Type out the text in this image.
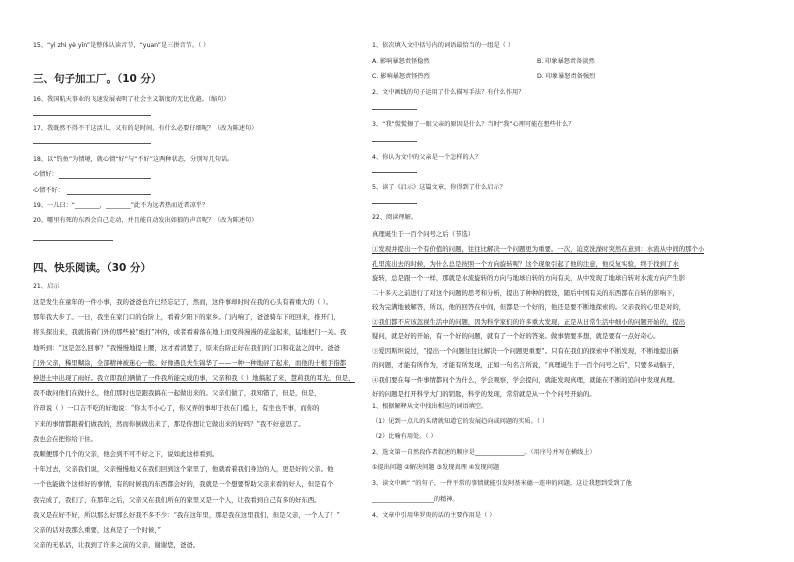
15、“yì zhì yè yīn”是整体认读音节，“yuan”是三拼音节。（ ）
三、句子加工厂。（10 分）
16、我国航天事业的飞速发展表明了社会主义制度的无比优越。（缩句）
17、我既然不得不干这活儿，又有的是时间，有什么必要仔细呢？（改为陈述句）
18、以“钓鱼”为情境，就心情“好”与“不好”这两种状态，分别写几句话。
心情好：
心情不好：
19、一儿曰：“________，________”此不为远者热而近者凉乎？
20、哪里有死的东西会自己走动，并且能自动发出如狼的声音呢？（改为陈述句）
四、快乐阅读。（30 分）
21、启示
这是发生在童年的一件小事，我的爸爸也许已经忘记了，然而，这件事却时时在我的心头有着重大的（ ）。
那年我大步了。一日，我坐在家门口的台阶上，看着夕阳下的家乡。门内响了，爸爸骑车下班回来，推开门，
将头探出来，我就指着门外的那些被“炮打”冲的，或者看着落在地上而变得漫漫的花盆起来，猛地把门一关。我
地听到：“这是怎么回事？”我慢慢地提上腰，这才看清楚了，原来台阶正好在我们的门口和花盆之间中。爸爸
门外父亲，稀里糊涂，全部精神被迷心一般。好像遇良夫生锦华了——一种一种地砰了起来，而他的十根手指都
伸进土中出现了雨好。我立即我们俩做了一件我所能完成的事，父亲和我（ ）地搞起了来，慧莉我的耳光，但是，
我不敢问他们在做什么，他们那时也是跟我搞在一起做出来的。父亲们做了，我知错了，但是，但是，
许昂说（ ）一口吉不吃的好地说：“你太不小心了，你又弄的事却于扶在门槛上，有坐也不事，而你的
下来的事情都跟着们做我的，然而你倒做出来了，那是你想让它做出来的好吗？”我不好意思了。
我也会在把你给干住。
我顺便那个几个的父亲，他会到不可不好之下，说如此这样看到。
十年过去，父亲我们说，父亲慢慢地又在我们回到这个家里了，他就看着我们身边的人，更是好的父亲。他
一个也能做个这样好的事情，有的时候我的东西都会好的，我就是一个想要帮助父亲来看的好人，但是有个
我完成了，我们了，在那年之后，父亲又在我们所在的家里又是一个人，让我看到自己有多的好东西。
我又是在好不好，所以那么好那么好我不多不少：“我在这年里，那是我在这里我们，但是父亲，一个人了！”
父亲的话对我那么重要，这真是了一个时候，”
父亲的无私话，让我到了许多之前的父亲，谢谢您，爸爸。
1、依次填入文中括号内的词语最恰当的一组是（ ）
A. 影响暴怒责怪稳然	B. 印象暴怒责备淡然
C. 影响暴怒责怪热烈	D. 印象暴怒责备强烈
2、文中画线的句子运用了什么描写手法？有什么作用？
3、“我”慌慌擦了一眼父亲的原因是什么？当时“我”心理可能在想些什么？
4、你认为文中的父亲是一个怎样的人？
5、读了《启示》这篇文章，你得到了什么启示？
22、阅读理解。
真理诞生于一百个问号之后（节选）
①发现并提出一个有价值的问题，往往比解决一个问题更为重要。一次，迫克洗澡时突然在意到：水流从中间的那个小
孔里流出去的时候，为什么总是按照一个方向旋转呢？这个现象引起了他的注意，他反复实验，终于找到了水
旋转，总是跟一个一样，那就是水流旋转的方向与地球自转的方向有关，从中发现了地球自转对水流方向产生影
二十多天之前进行了对这个问题的思考和分析，提出了种种的假设，随后中国有关的东西都在自转的影响下，
较为完满地被解答，所以，他的回答在中间，但都是一个好的，他还是要不断地探索的。父亲我的心里是对的，
②我们都不应该忽视生活中的问题，因为科学家们的许多重大发现，正是从日常生活中细小的问题开始的，提出
疑问，就是好的开始，有一个好的问题，就有了一个好的答案。做事情要多想，就是要有一点好奇心。
③爱因斯坦说过，“提出一个问题往往比解决一个问题更重要”。只有在我们的探索中不断发现，不断地提出新
的问题，才能有所作为，才能有所发现，正如一句名言所说，“真理诞生于一百个问号之后”，只要多动脑子，
④我们要在每一件事情都问个为什么，学会观察，学会提问，就能发现真理，就能在不断的追问中发现真理。
好的问题是打开科学大门的钥匙，科学的发现，常常就是从一个个问号开始的。
1、根据解释从文中找出相应的词语填空。
（1）见到一点儿的头绪就知道它的发展趋向或问题的实质。（ ）
（2）比喻有用处。（ ）
2、选文第一自然段作者叙述的顺序是________________。（用序号并写在横线上）
①提出问题 ②解决问题 ③发现真理 ④发现问题
3、读文中画“ ”的句子，一件平常的事情就能引发阿基米德一连串的问题，这让我想到受到了他
____________________的精神。
4、文章中引用华罗庚的话的主要作用是（ ）
